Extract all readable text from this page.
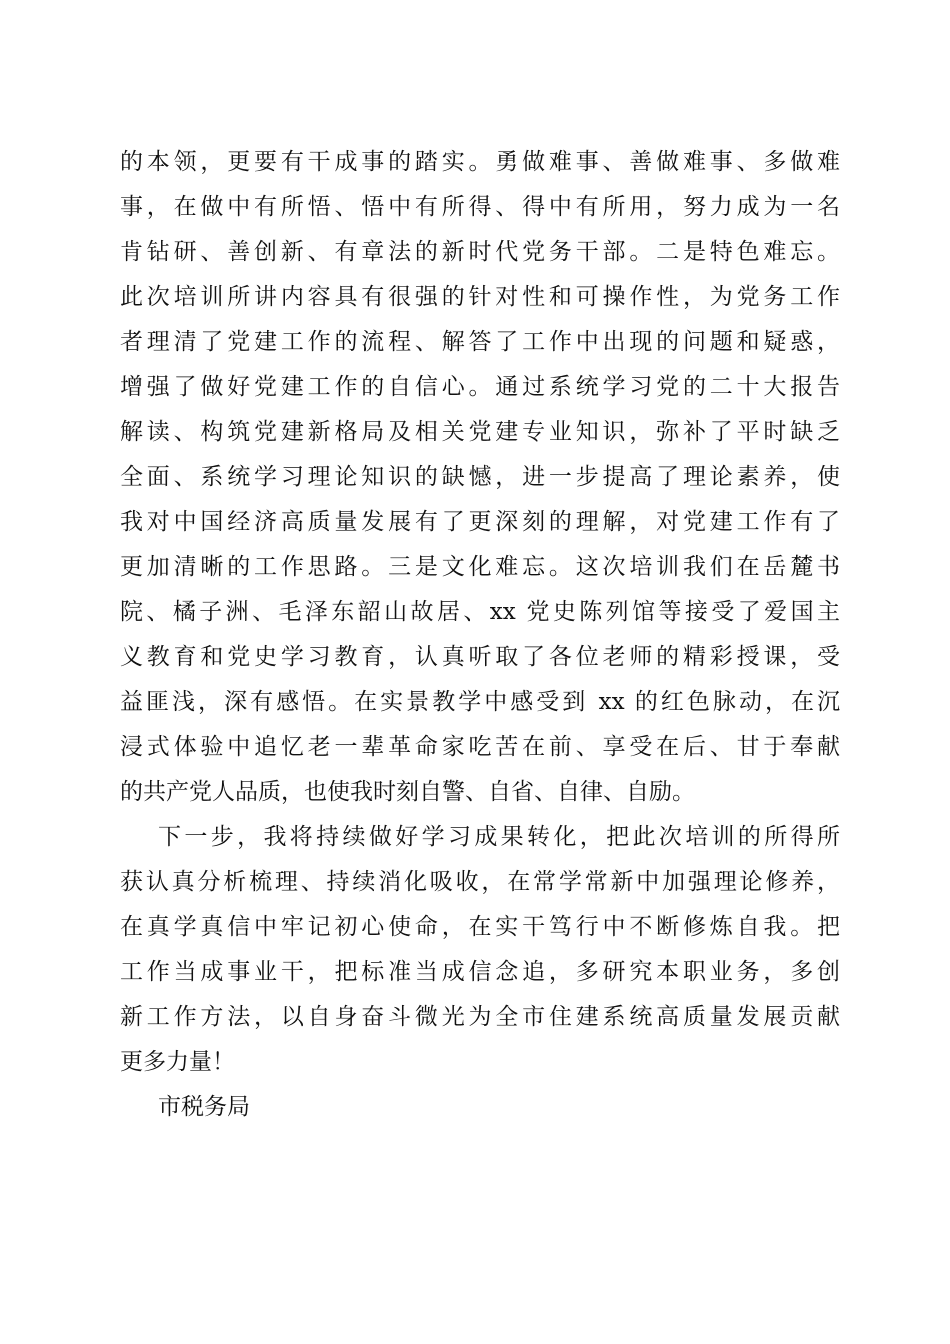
的本领，更要有干成事的踏实。勇做难事、善做难事、多做难
事，在做中有所悟、悟中有所得、得中有所用，努力成为一名
肯钻研、善创新、有章法的新时代党务干部。二是特色难忘。
此次培训所讲内容具有很强的针对性和可操作性，为党务工作
者理清了党建工作的流程、解答了工作中出现的问题和疑惑，
增强了做好党建工作的自信心。通过系统学习党的二十大报告
解读、构筑党建新格局及相关党建专业知识，弥补了平时缺乏
全面、系统学习理论知识的缺憾，进一步提高了理论素养，使
我对中国经济高质量发展有了更深刻的理解，对党建工作有了
更加清晰的工作思路。三是文化难忘。这次培训我们在岳麓书
院、橘子洲、毛泽东韶山故居、xx 党史陈列馆等接受了爱国主
义教育和党史学习教育，认真听取了各位老师的精彩授课，受
益匪浅，深有感悟。在实景教学中感受到 xx 的红色脉动，在沉
浸式体验中追忆老一辈革命家吃苦在前、享受在后、甘于奉献
的共产党人品质，也使我时刻自警、自省、自律、自励。
下一步，我将持续做好学习成果转化，把此次培训的所得所
获认真分析梳理、持续消化吸收，在常学常新中加强理论修养，
在真学真信中牢记初心使命，在实干笃行中不断修炼自我。把
工作当成事业干，把标准当成信念追，多研究本职业务，多创
新工作方法，以自身奋斗微光为全市住建系统高质量发展贡献
更多力量！
市税务局
